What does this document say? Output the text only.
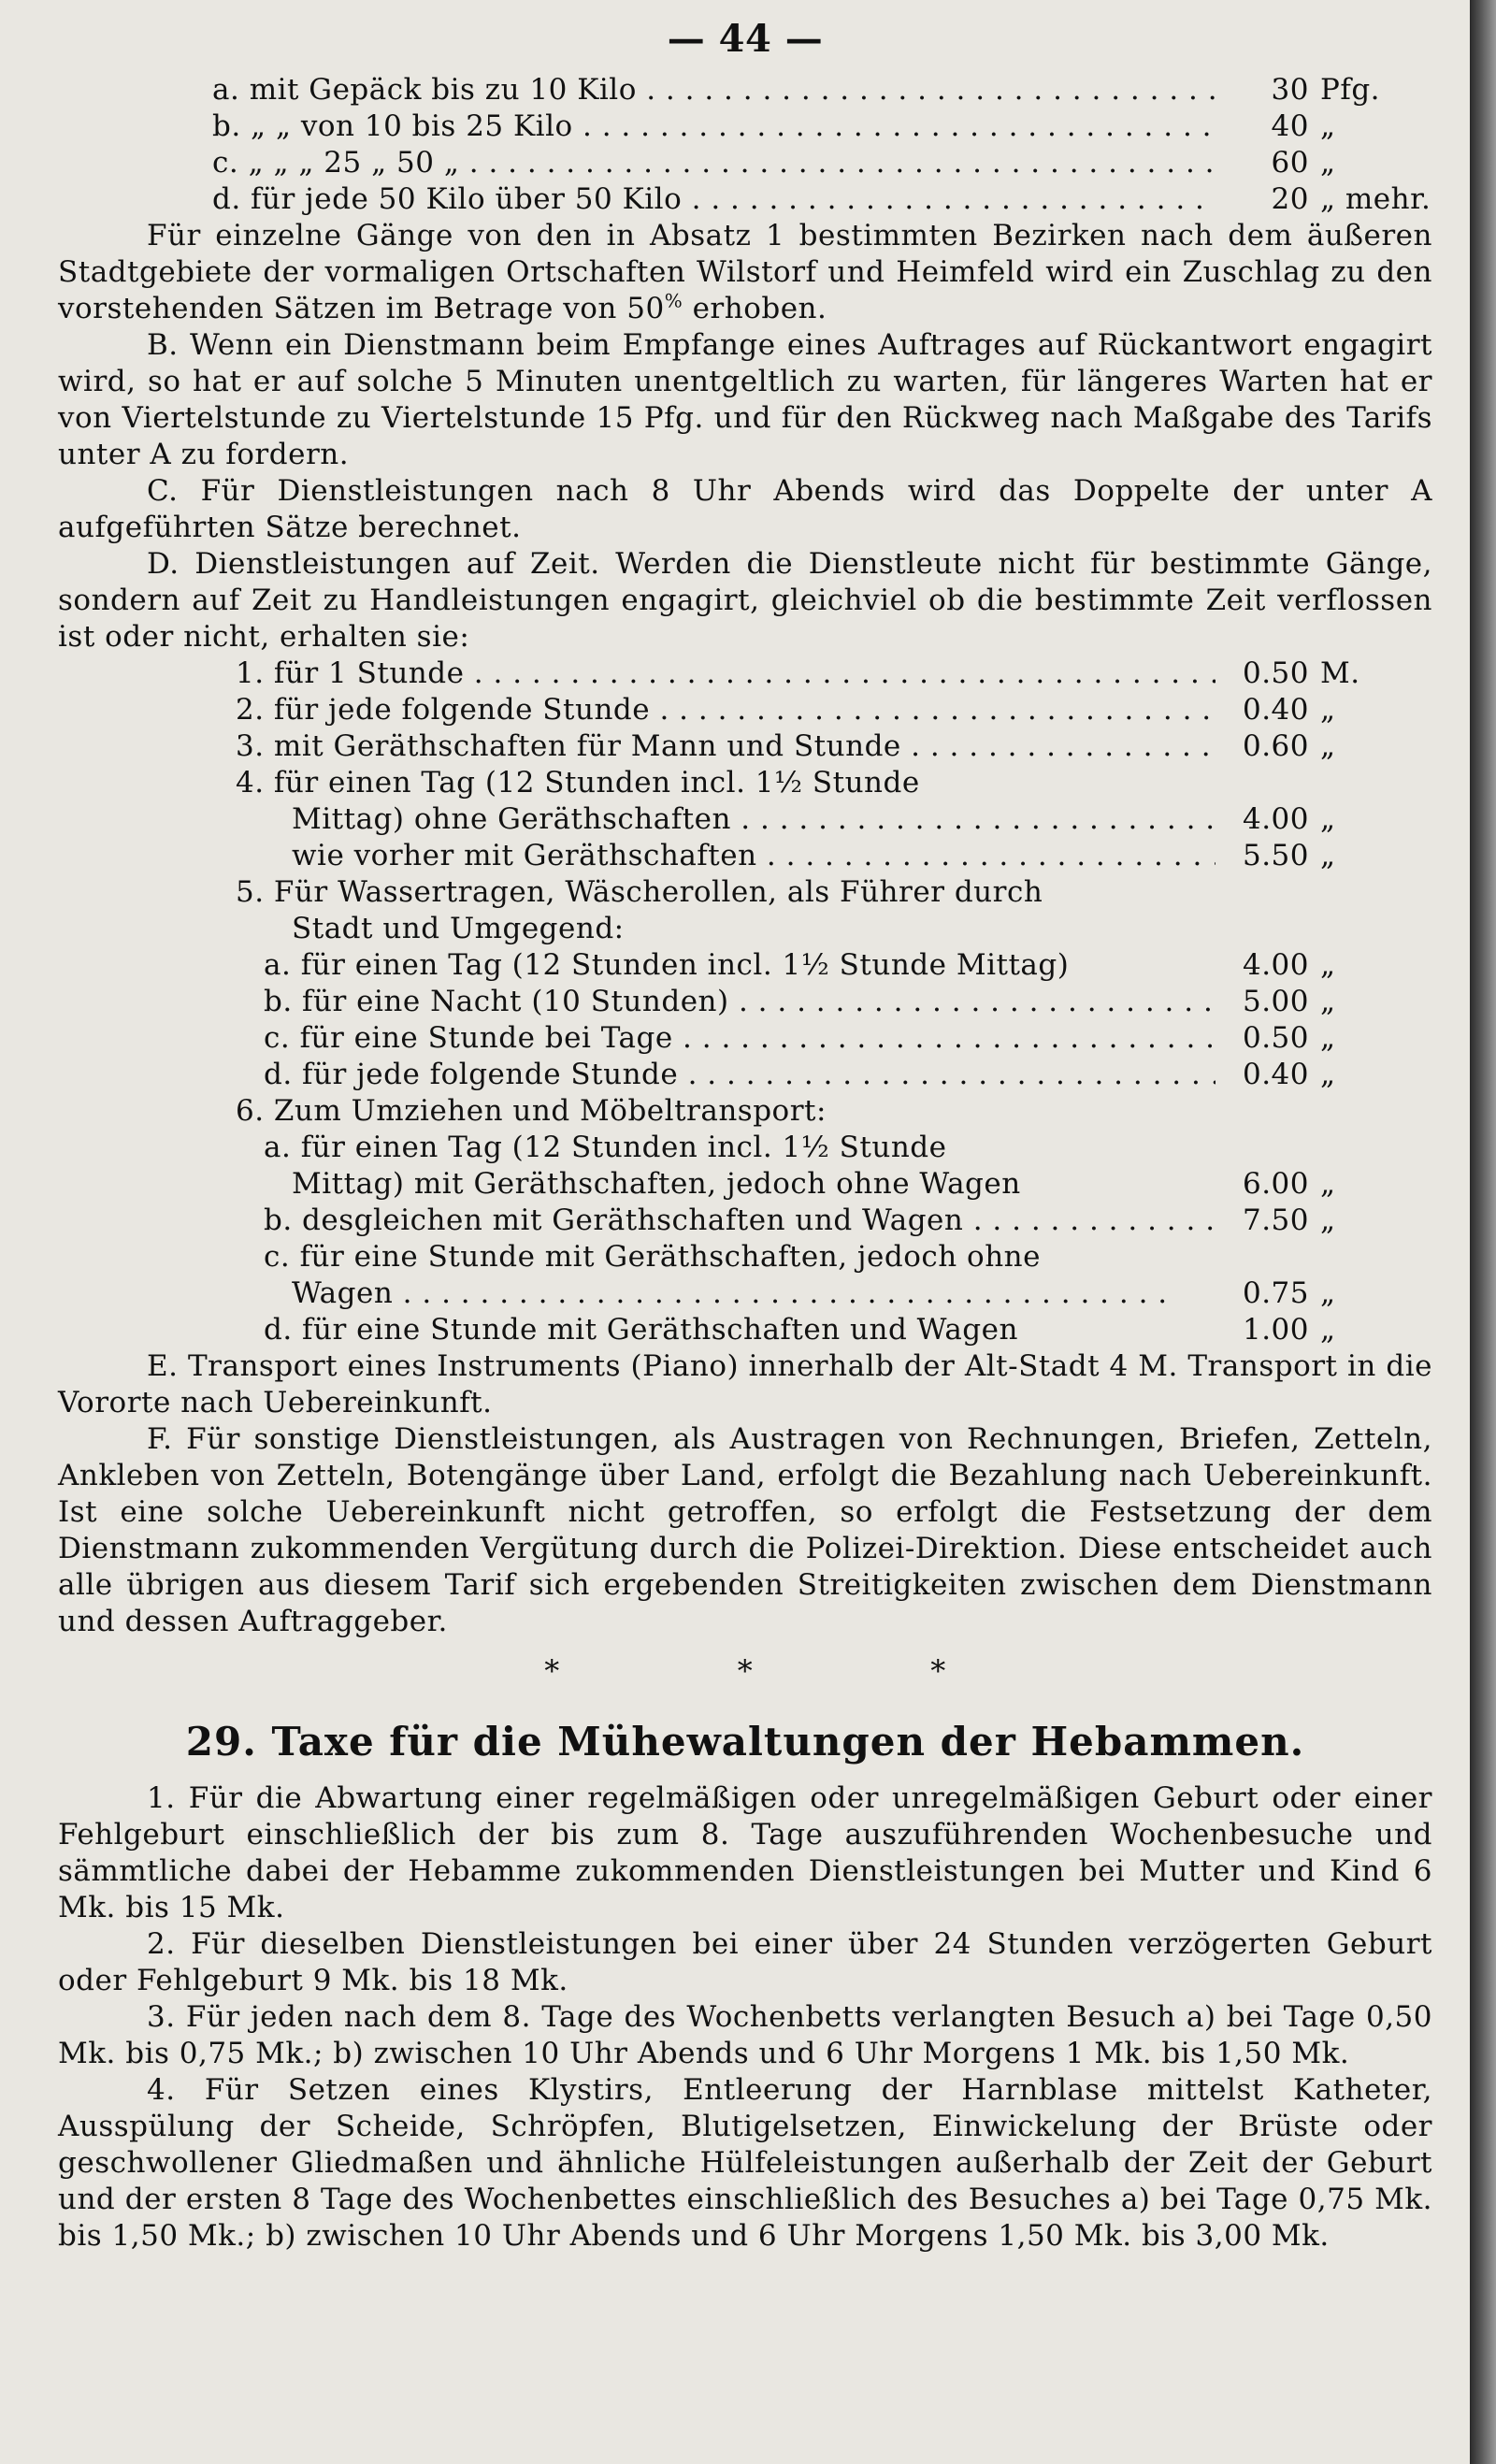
— 44 —
a. mit Gepäck bis zu 10 Kilo . . .	30 Pfg.
b. „ „ von 10 bis 25 Kilo . . .	40 „
c. „ „ „ 25 „ 50 „ . . .	60 „
d. für jede 50 Kilo über 50 Kilo . . .	20 „ mehr.

Für einzelne Gänge von den in Absatz 1 bestimmten Bezirken nach dem äußeren Stadtgebiete der vormaligen Ortschaften Wilstorf und Heimfeld wird ein Zuschlag zu den vorstehenden Sätzen im Betrage von 50% erhoben.

B. Wenn ein Dienstmann beim Empfange eines Auftrages auf Rückantwort engagirt wird, so hat er auf solche 5 Minuten unentgeltlich zu warten, für längeres Warten hat er von Viertelstunde zu Viertelstunde 15 Pfg. und für den Rückweg nach Maßgabe des Tarifs unter A zu fordern.

C. Für Dienstleistungen nach 8 Uhr Abends wird das Doppelte der unter A aufgeführten Sätze berechnet.

D. Dienstleistungen auf Zeit. Werden die Dienstleute nicht für bestimmte Gänge, sondern auf Zeit zu Handleistungen engagirt, gleichviel ob die bestimmte Zeit verflossen ist oder nicht, erhalten sie:

1. für 1 Stunde . . .	0.50 M.
2. für jede folgende Stunde . . .	0.40 „
3. mit Geräthschaften für Mann und Stunde . . .	0.60 „
4. für einen Tag (12 Stunden incl. 1½ Stunde
Mittag) ohne Geräthschaften . . .	4.00 „
wie vorher mit Geräthschaften . . .	5.50 „
5. Für Wassertragen, Wäscherollen, als Führer durch
Stadt und Umgegend:
a. für einen Tag (12 Stunden incl. 1½ Stunde Mittag)	4.00 „
b. für eine Nacht (10 Stunden) . . .	5.00 „
c. für eine Stunde bei Tage . . .	0.50 „
d. für jede folgende Stunde . . .	0.40 „
6. Zum Umziehen und Möbeltransport:
a. für einen Tag (12 Stunden incl. 1½ Stunde
Mittag) mit Geräthschaften, jedoch ohne Wagen	6.00 „
b. desgleichen mit Geräthschaften und Wagen . . .	7.50 „
c. für eine Stunde mit Geräthschaften, jedoch ohne
Wagen . . .	0.75 „
d. für eine Stunde mit Geräthschaften und Wagen	1.00 „

E. Transport eines Instruments (Piano) innerhalb der Alt-Stadt 4 M. Transport in die Vororte nach Uebereinkunft.

F. Für sonstige Dienstleistungen, als Austragen von Rechnungen, Briefen, Zetteln, Ankleben von Zetteln, Botengänge über Land, erfolgt die Bezahlung nach Uebereinkunft. Ist eine solche Uebereinkunft nicht getroffen, so erfolgt die Festsetzung der dem Dienstmann zukommenden Vergütung durch die Polizei-Direktion. Diese entscheidet auch alle übrigen aus diesem Tarif sich ergebenden Streitigkeiten zwischen dem Dienstmann und dessen Auftraggeber.

*	*	*
29. Taxe für die Mühewaltungen der Hebammen.

1. Für die Abwartung einer regelmäßigen oder unregelmäßigen Geburt oder einer Fehlgeburt einschließlich der bis zum 8. Tage auszuführenden Wochenbesuche und sämmtliche dabei der Hebamme zukommenden Dienstleistungen bei Mutter und Kind 6 Mk. bis 15 Mk.

2. Für dieselben Dienstleistungen bei einer über 24 Stunden verzögerten Geburt oder Fehlgeburt 9 Mk. bis 18 Mk.

3. Für jeden nach dem 8. Tage des Wochenbetts verlangten Besuch a) bei Tage 0,50 Mk. bis 0,75 Mk.; b) zwischen 10 Uhr Abends und 6 Uhr Morgens 1 Mk. bis 1,50 Mk.

4. Für Setzen eines Klystirs, Entleerung der Harnblase mittelst Katheter, Ausspülung der Scheide, Schröpfen, Blutigelsetzen, Einwickelung der Brüste oder geschwollener Gliedmaßen und ähnliche Hülfeleistungen außerhalb der Zeit der Geburt und der ersten 8 Tage des Wochenbettes einschließlich des Besuches a) bei Tage 0,75 Mk. bis 1,50 Mk.; b) zwischen 10 Uhr Abends und 6 Uhr Morgens 1,50 Mk. bis 3,00 Mk.
